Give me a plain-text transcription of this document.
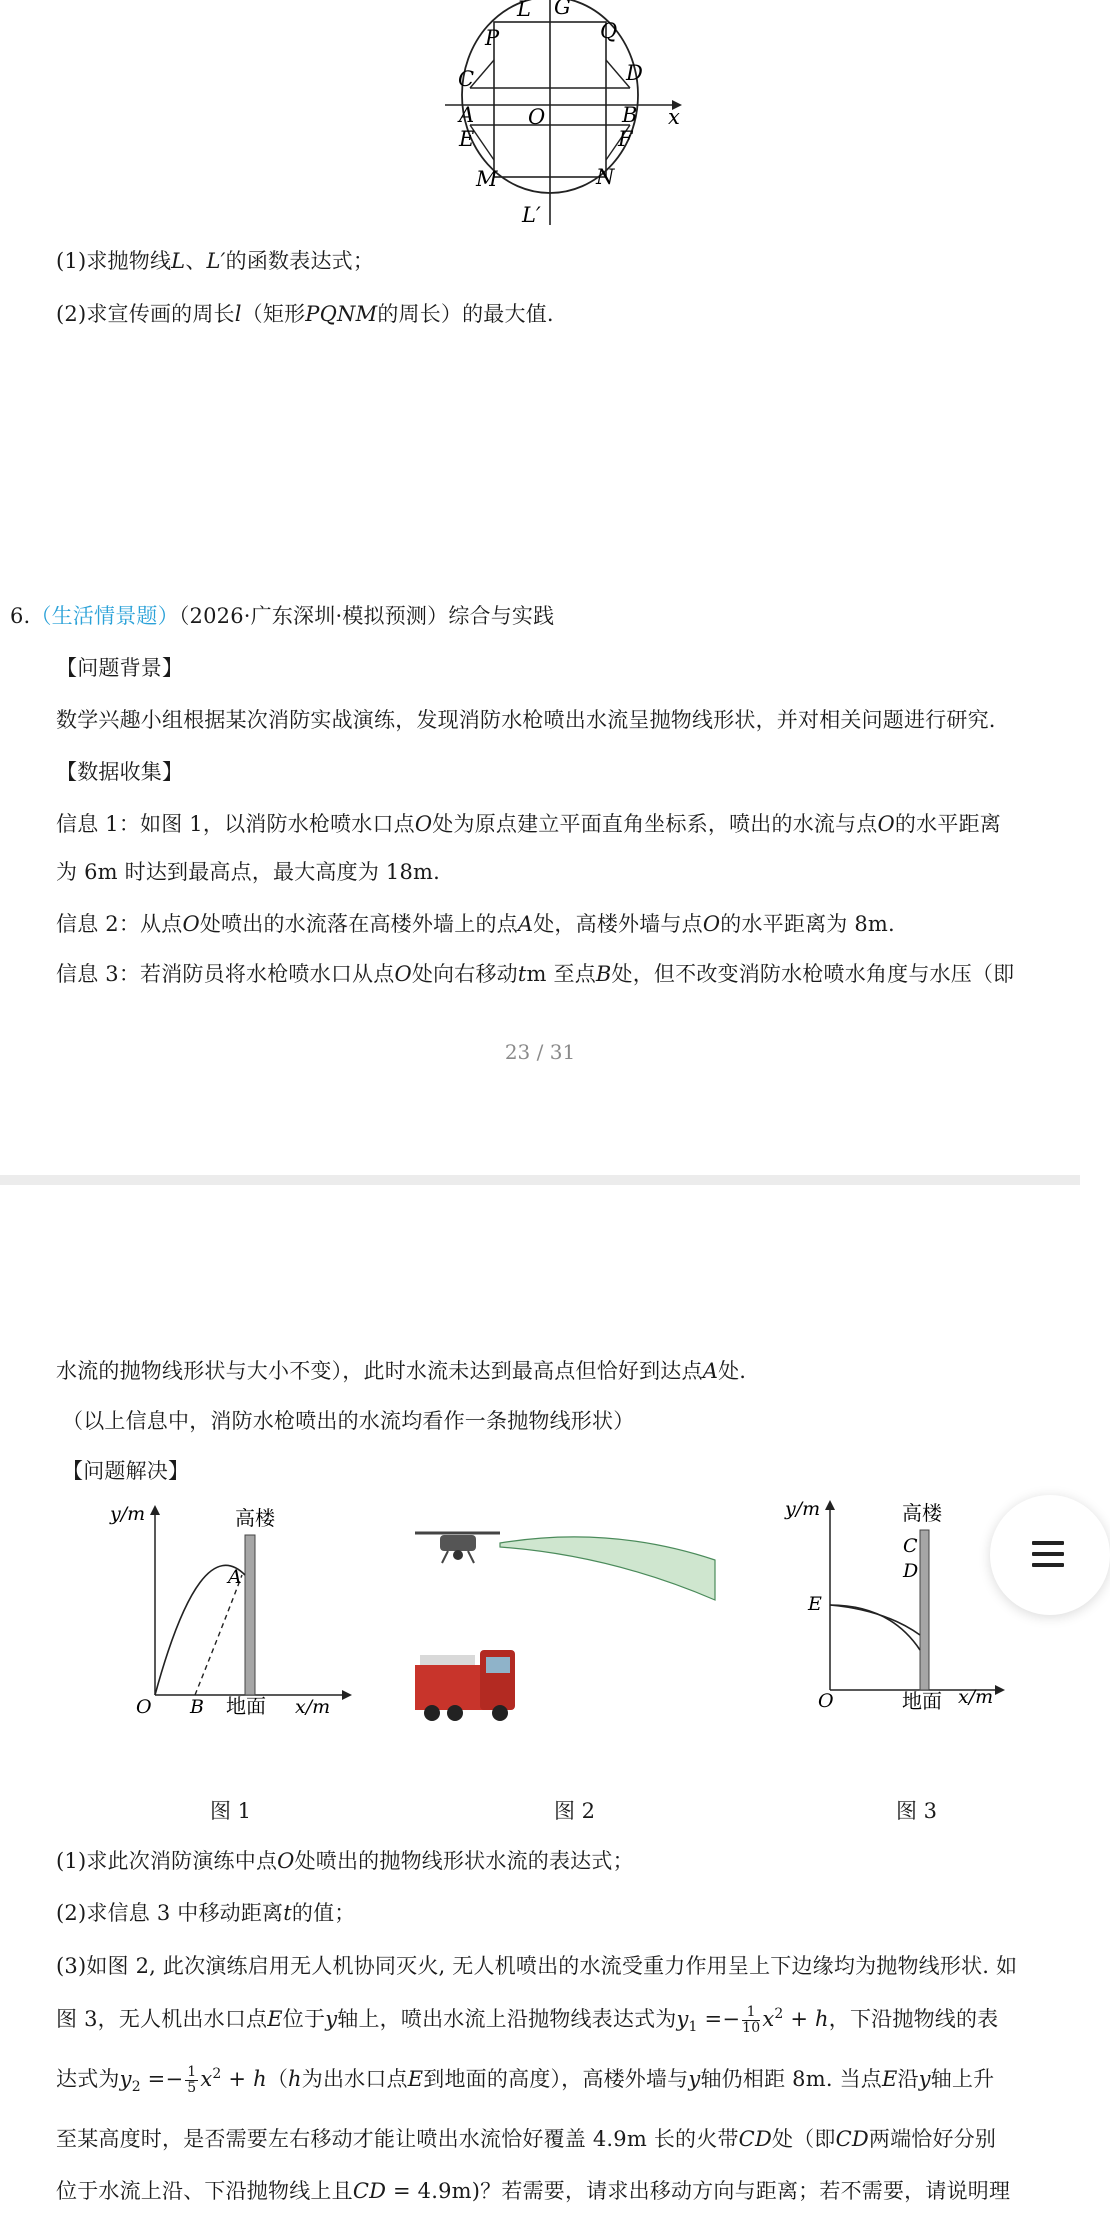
L G
P	Q
C	D
A	O	B x
E	F
M	N
L′
(1)求抛物线L、L′的函数表达式；
(2)求宣传画的周长l（矩形PQNM的周长）的最大值.
6.（生活情景题）（2026·广东深圳·模拟预测）综合与实践
【问题背景】
数学兴趣小组根据某次消防实战演练，发现消防水枪喷出水流呈抛物线形状，并对相关问题进行研究.
【数据收集】
信息 1：如图 1，以消防水枪喷水口点O处为原点建立平面直角坐标系，喷出的水流与点O的水平距离
为 6m 时达到最高点，最大高度为 18m.
信息 2：从点O处喷出的水流落在高楼外墙上的点A处，高楼外墙与点O的水平距离为 8m.
信息 3：若消防员将水枪喷水口从点O处向右移动tm 至点B处，但不改变消防水枪喷水角度与水压（即
23 / 31
水流的抛物线形状与大小不变），此时水流未达到最高点但恰好到达点A处.
（以上信息中，消防水枪喷出的水流均看作一条抛物线形状）
【问题解决】
y/m	高楼
A
O B 地面 x/m
图 1	图 2
y/m	高楼
C
D
E
O	地面 x/m
图 3
(1)求此次消防演练中点O处喷出的抛物线形状水流的表达式；
(2)求信息 3 中移动距离t的值；
(3)如图 2, 此次演练启用无人机协同灭火, 无人机喷出的水流受重力作用呈上下边缘均为抛物线形状. 如
图 3，无人机出水口点E位于y轴上，喷出水流上沿抛物线表达式为$y_1 =- \frac{1}{10} x^2 + h$，下沿抛物线的表
达式为$y_2 =- \frac{1}{5} x^2 + h(h$为出水口点E到地面的高度），高楼外墙与y轴仍相距 8m. 当点E沿y轴上升
至某高度时，是否需要左右移动才能让喷出水流恰好覆盖 4.9m 长的火带CD处（即CD两端恰好分别
位于水流上沿、下沿抛物线上且CD = 4.9m)？若需要，请求出移动方向与距离；若不需要，请说明理
